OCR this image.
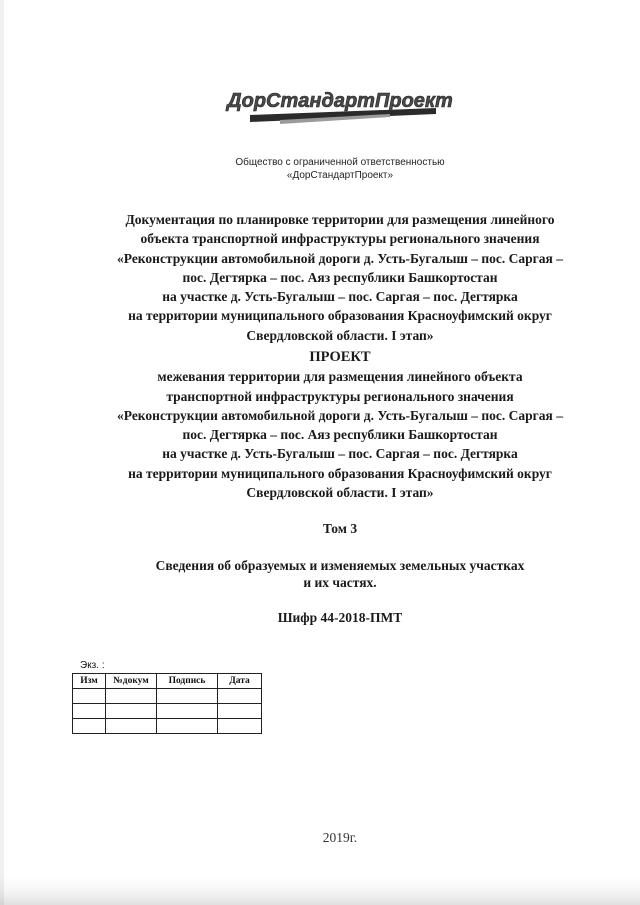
ДорСтандартПроект
Общество с ограниченной ответственностью
«ДорСтандартПроект»
Документация по планировке территории для размещения линейного
объекта транспортной инфраструктуры регионального значения
«Реконструкции автомобильной дороги д. Усть-Бугалыш – пос. Саргая –
пос. Дегтярка – пос. Аяз республики Башкортостан
на участке д. Усть-Бугалыш – пос. Саргая – пос. Дегтярка
на территории муниципального образования Красноуфимский округ
Свердловской области. I этап»
ПРОЕКТ
межевания территории для размещения линейного объекта
транспортной инфраструктуры регионального значения
«Реконструкции автомобильной дороги д. Усть-Бугалыш – пос. Саргая –
пос. Дегтярка – пос. Аяз республики Башкортостан
на участке д. Усть-Бугалыш – пос. Саргая – пос. Дегтярка
на территории муниципального образования Красноуфимский округ
Свердловской области. I этап»
Том 3
Сведения об образуемых и изменяемых земельных участках
и их частях.
Шифр 44-2018-ПМТ
Экз. :
Изм	№докум	Подпись	Дата

2019г.
